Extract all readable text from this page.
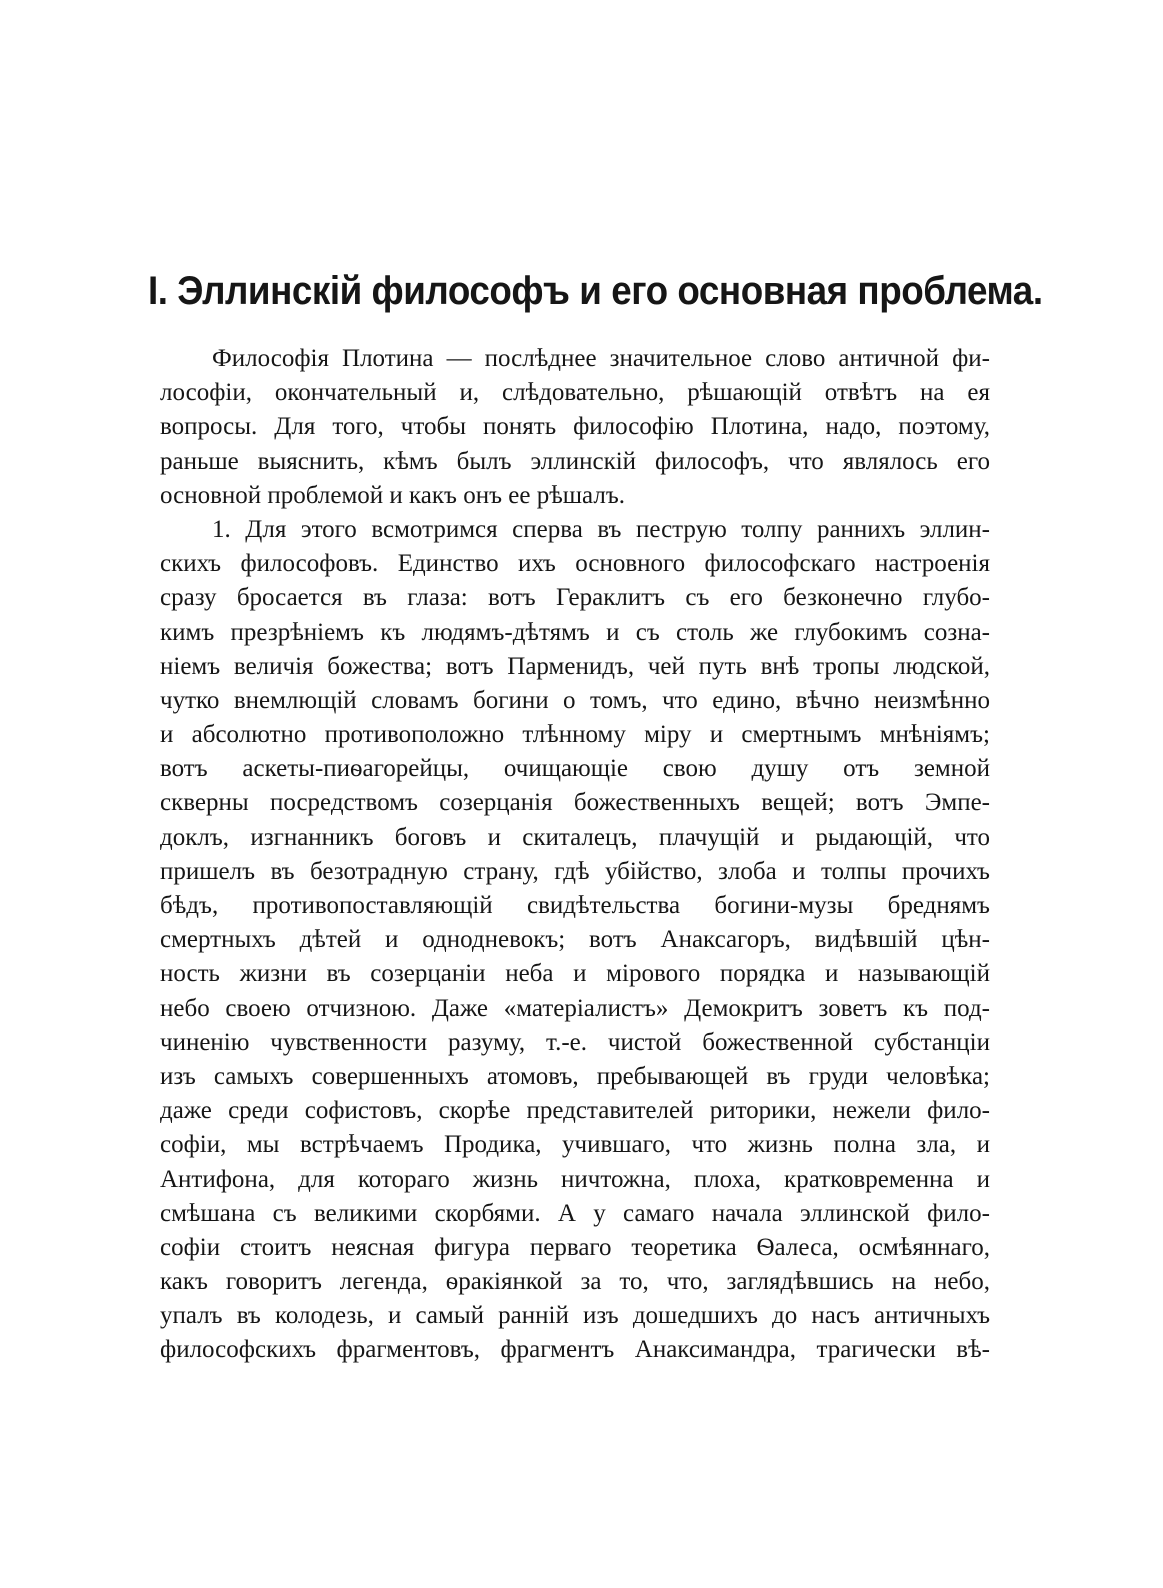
I. Эллинскій философъ и его основная проблема.
Философія Плотина — послѣднее значительное слово античной фи-
лософіи, окончательный и, слѣдовательно, рѣшающій отвѣтъ на ея
вопросы. Для того, чтобы понять философію Плотина, надо, поэтому,
раньше выяснить, кѣмъ былъ эллинскій философъ, что являлось его
основной проблемой и какъ онъ ее рѣшалъ.
1. Для этого всмотримся сперва въ пеструю толпу раннихъ эллин-
скихъ философовъ. Единство ихъ основного философскаго настроенія
сразу бросается въ глаза: вотъ Гераклитъ съ его безконечно глубо-
кимъ презрѣніемъ къ людямъ-дѣтямъ и съ столь же глубокимъ созна-
ніемъ величія божества; вотъ Парменидъ, чей путь внѣ тропы людской,
чутко внемлющій словамъ богини о томъ, что едино, вѣчно неизмѣнно
и абсолютно противоположно тлѣнному міру и смертнымъ мнѣніямъ;
вотъ аскеты-пиѳагорейцы, очищающіе свою душу отъ земной
скверны посредствомъ созерцанія божественныхъ вещей; вотъ Эмпе-
доклъ, изгнанникъ боговъ и скиталецъ, плачущій и рыдающій, что
пришелъ въ безотрадную страну, гдѣ убійство, злоба и толпы прочихъ
бѣдъ, противопоставляющій свидѣтельства богини-музы бреднямъ
смертныхъ дѣтей и однодневокъ; вотъ Анаксагоръ, видѣвшій цѣн-
ность жизни въ созерцаніи неба и мірового порядка и называющій
небо своею отчизною. Даже «матеріалистъ» Демокритъ зоветъ къ под-
чиненію чувственности разуму, т.-е. чистой божественной субстанціи
изъ самыхъ совершенныхъ атомовъ, пребывающей въ груди человѣка;
даже среди софистовъ, скорѣе представителей риторики, нежели фило-
софіи, мы встрѣчаемъ Продика, учившаго, что жизнь полна зла, и
Антифона, для котораго жизнь ничтожна, плоха, кратковременна и
смѣшана съ великими скорбями. А у самаго начала эллинской фило-
софіи стоитъ неясная фигура перваго теоретика Ѳалеса, осмѣяннаго,
какъ говоритъ легенда, ѳракіянкой за то, что, заглядѣвшись на небо,
упалъ въ колодезь, и самый ранній изъ дошедшихъ до насъ античныхъ
философскихъ фрагментовъ, фрагментъ Анаксимандра, трагически вѣ-
